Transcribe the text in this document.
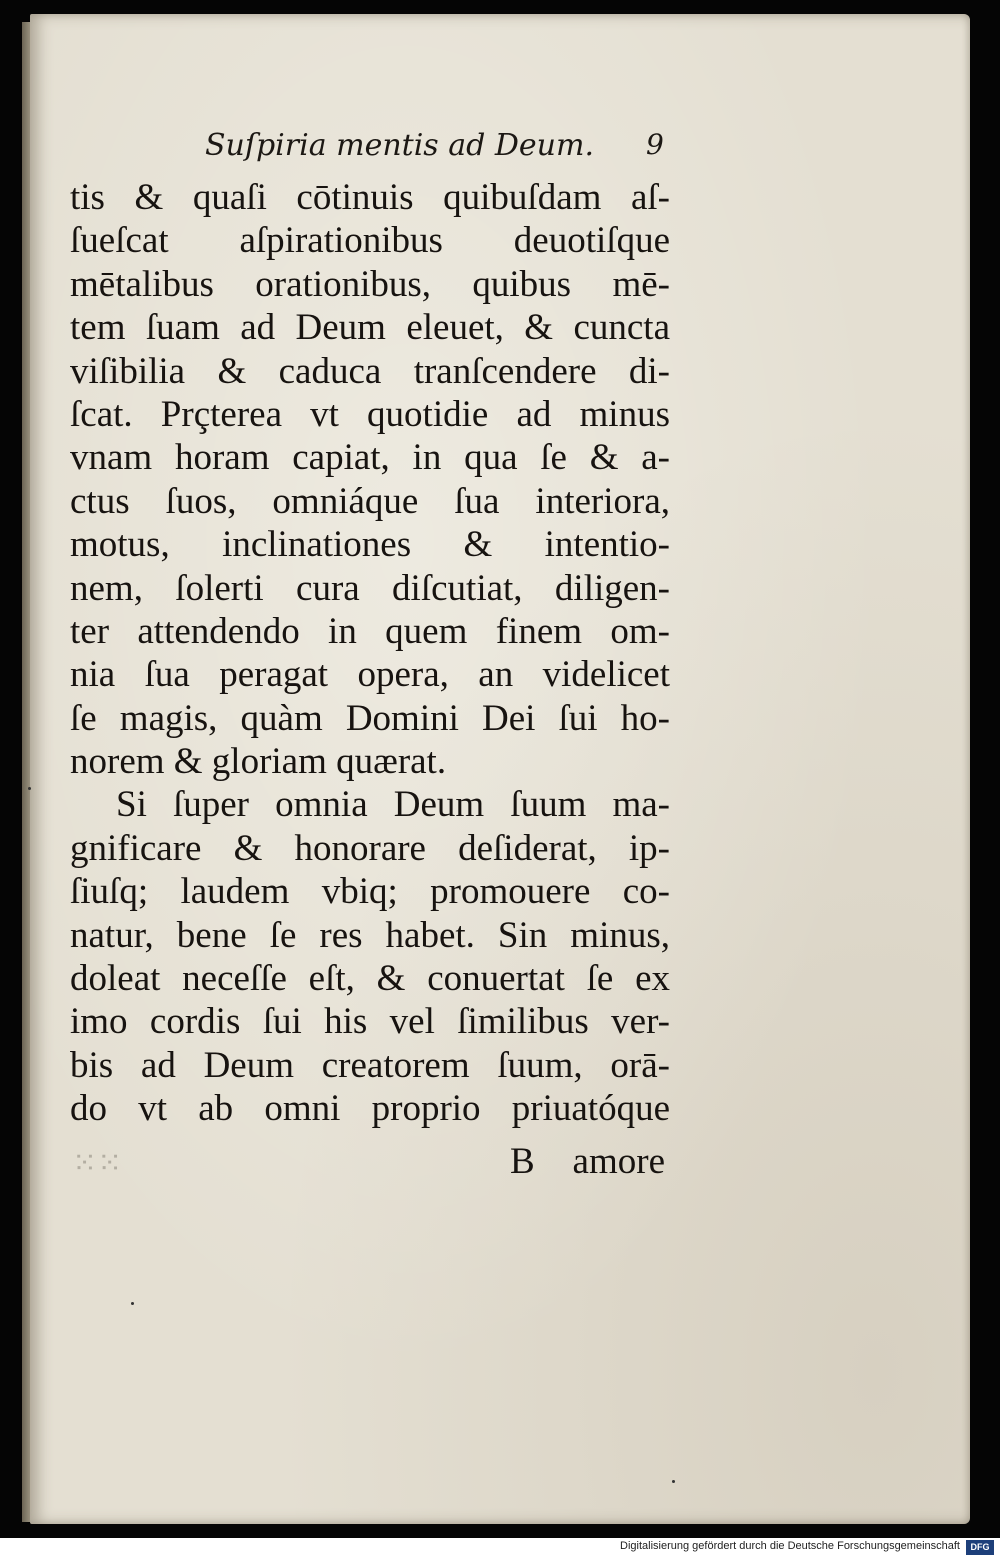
Suſpiria mentis ad Deum. 9
tis & quaſi cōtinuis quibuſdam aſ-
ſueſcat aſpirationibus deuotiſque
mētalibus orationibus, quibus mē-
tem ſuam ad Deum eleuet, & cuncta
viſibilia & caduca tranſcendere di-
ſcat. Prçterea vt quotidie ad minus
vnam horam capiat, in qua ſe & a-
ctus ſuos, omniáque ſua interiora,
motus, inclinationes & intentio-
nem, ſolerti cura diſcutiat, diligen-
ter attendendo in quem finem om-
nia ſua peragat opera, an videlicet
ſe magis, quàm Domini Dei ſui ho-
norem & gloriam quærat.
Si ſuper omnia Deum ſuum ma-
gnificare & honorare deſiderat, ip-
ſiuſq; laudem vbiq; promouere co-
natur, bene ſe res habet. Sin minus,
doleat neceſſe eſt, & conuertat ſe ex
imo cordis ſui his vel ſimilibus ver-
bis ad Deum creatorem ſuum, orā-
do vt ab omni proprio priuatóque
⁙⁙	B amore
Digitalisierung gefördert durch die Deutsche Forschungsgemeinschaft	DFG
